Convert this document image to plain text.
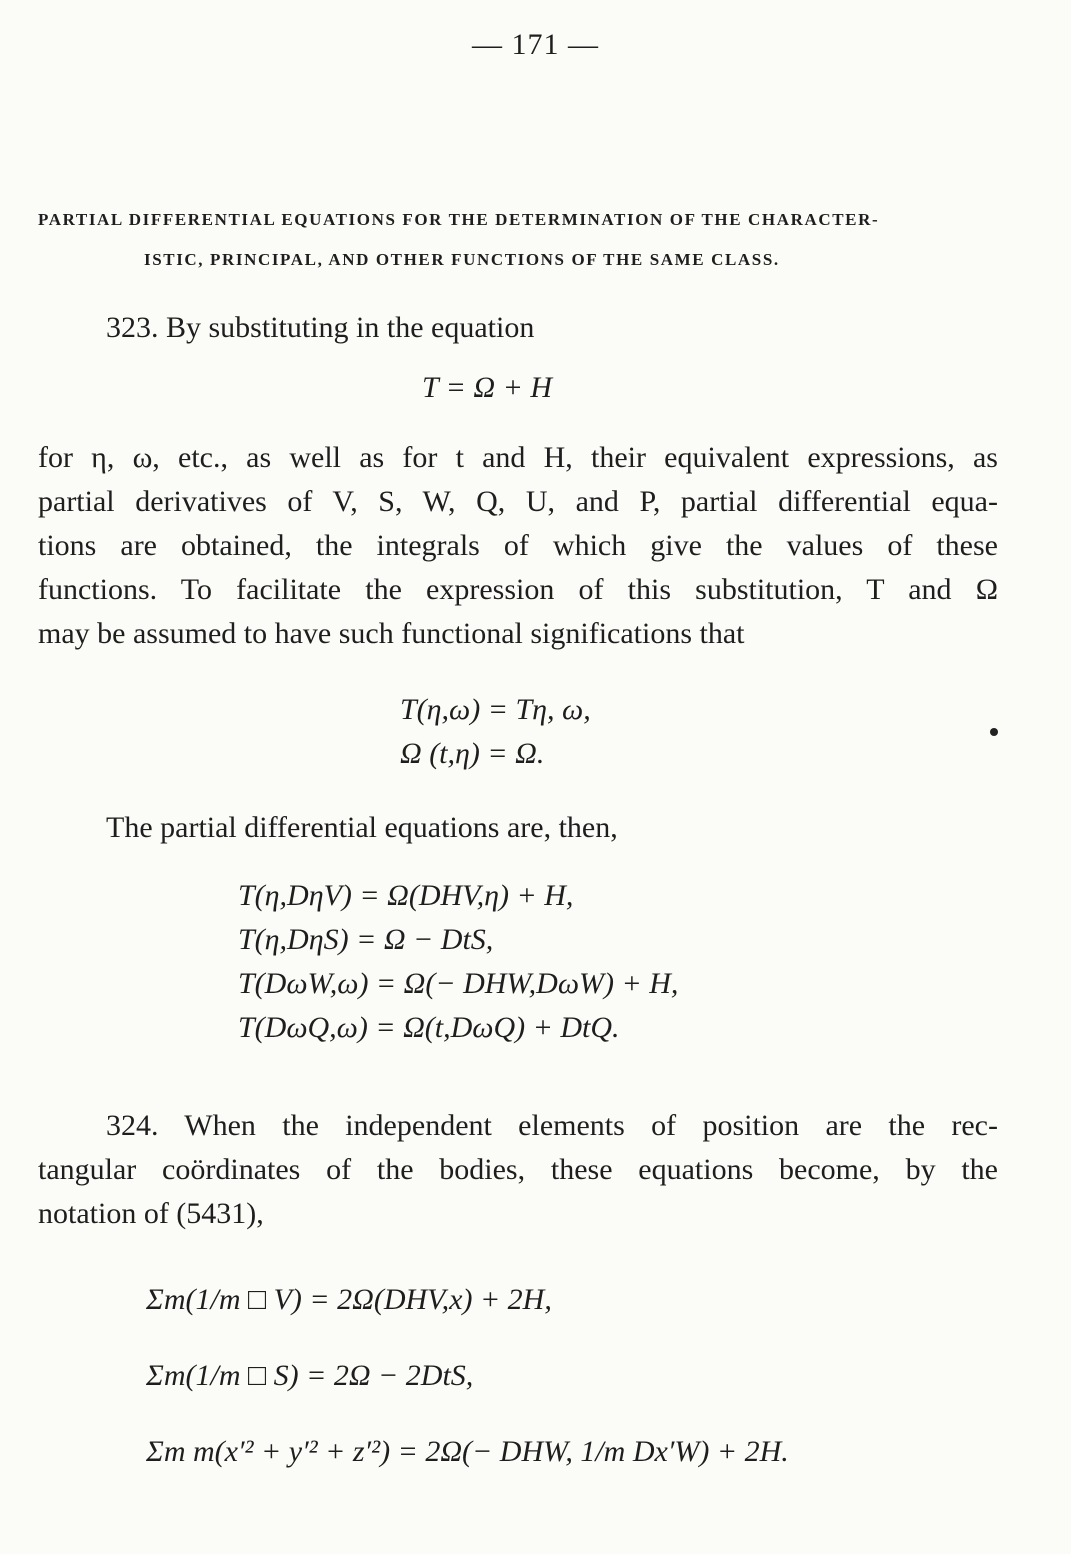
— 171 —
PARTIAL DIFFERENTIAL EQUATIONS FOR THE DETERMINATION OF THE CHARACTER-
ISTIC, PRINCIPAL, AND OTHER FUNCTIONS OF THE SAME CLASS.
323. By substituting in the equation
T = Ω + H
for η, ω, etc., as well as for t and H, their equivalent expressions, as
partial derivatives of V, S, W, Q, U, and P, partial differential equa-
tions are obtained, the integrals of which give the values of these
functions. To facilitate the expression of this substitution, T and Ω
may be assumed to have such functional significations that
T(η,ω) = Tη, ω,
Ω (t,η) = Ω.
The partial differential equations are, then,
T(η,DηV) = Ω(DHV,η) + H,
T(η,DηS) = Ω − DtS,
T(DωW,ω) = Ω(− DHW,DωW) + H,
T(DωQ,ω) = Ω(t,DωQ) + DtQ.
324. When the independent elements of position are the rec-
tangular coördinates of the bodies, these equations become, by the
notation of (5431),
Σm(1/m □ V) = 2Ω(DHV,x) + 2H,
Σm(1/m □ S) = 2Ω − 2DtS,
Σm m(x′² + y′² + z′²) = 2Ω(− DHW, 1/m Dx′W) + 2H.
